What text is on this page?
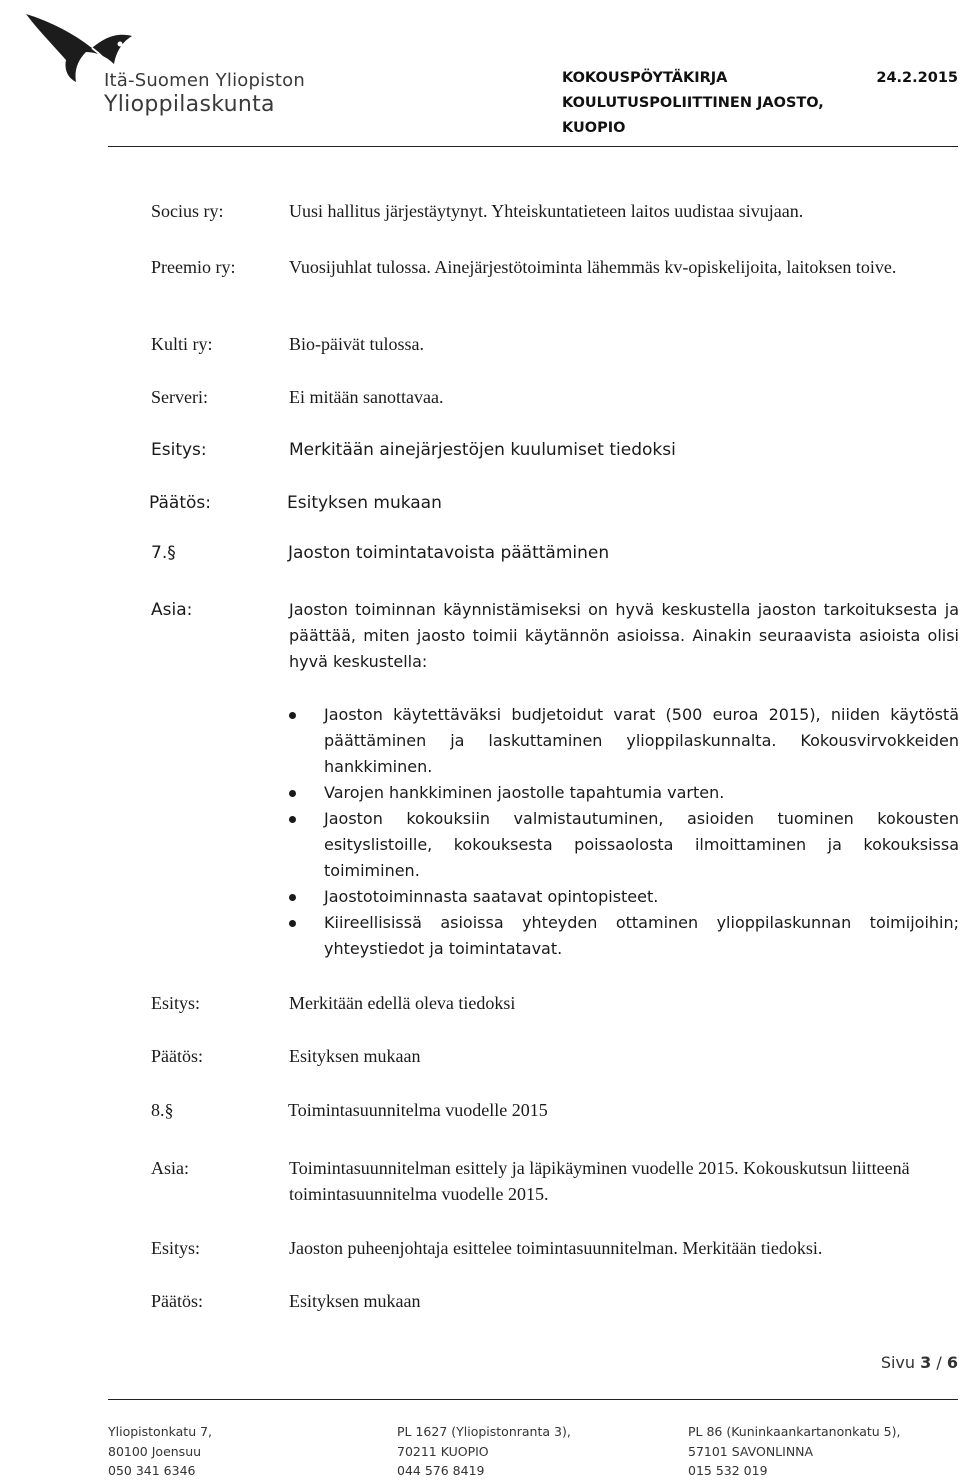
Itä-Suomen Yliopiston
Ylioppilaskunta
KOKOUSPÖYTÄKIRJA
KOULUTUSPOLIITTINEN JAOSTO,
KUOPIO
24.2.2015
Socius ry:	Uusi hallitus järjestäytynyt. Yhteiskuntatieteen laitos uudistaa sivujaan.
Preemio ry:	Vuosijuhlat tulossa. Ainejärjestötoiminta lähemmäs kv-opiskelijoita, laitoksen toive.
Kulti ry:	Bio-päivät tulossa.
Serveri:	Ei mitään sanottavaa.
Esitys:	Merkitään ainejärjestöjen kuulumiset tiedoksi
Päätös:	Esityksen mukaan
7.§	Jaoston toimintatavoista päättäminen
Asia:	Jaoston toiminnan käynnistämiseksi on hyvä keskustella jaoston tarkoituksesta ja päättää, miten jaosto toimii käytännön asioissa. Ainakin seuraavista asioista olisi hyvä keskustella:
Jaoston käytettäväksi budjetoidut varat (500 euroa 2015), niiden käytöstä päättäminen ja laskuttaminen ylioppilaskunnalta. Kokousvirvokkeiden hankkiminen.
Varojen hankkiminen jaostolle tapahtumia varten.
Jaoston kokouksiin valmistautuminen, asioiden tuominen kokousten esityslistoille, kokouksesta poissaolosta ilmoittaminen ja kokouksissa toimiminen.
Jaostotoiminnasta saatavat opintopisteet.
Kiireellisissä asioissa yhteyden ottaminen ylioppilaskunnan toimijoihin; yhteystiedot ja toimintatavat.
Esitys:	Merkitään edellä oleva tiedoksi
Päätös:	Esityksen mukaan
8.§	Toimintasuunnitelma vuodelle 2015
Asia:	Toimintasuunnitelman esittely ja läpikäyminen vuodelle 2015. Kokouskutsun liitteenä toimintasuunnitelma vuodelle 2015.
Esitys:	Jaoston puheenjohtaja esittelee toimintasuunnitelman. Merkitään tiedoksi.
Päätös:	Esityksen mukaan
Sivu 3 / 6
Yliopistonkatu 7,
80100 Joensuu
050 341 6346
PL 1627 (Yliopistonranta 3),
70211 KUOPIO
044 576 8419
PL 86 (Kuninkaankartanonkatu 5),
57101 SAVONLINNA
015 532 019
